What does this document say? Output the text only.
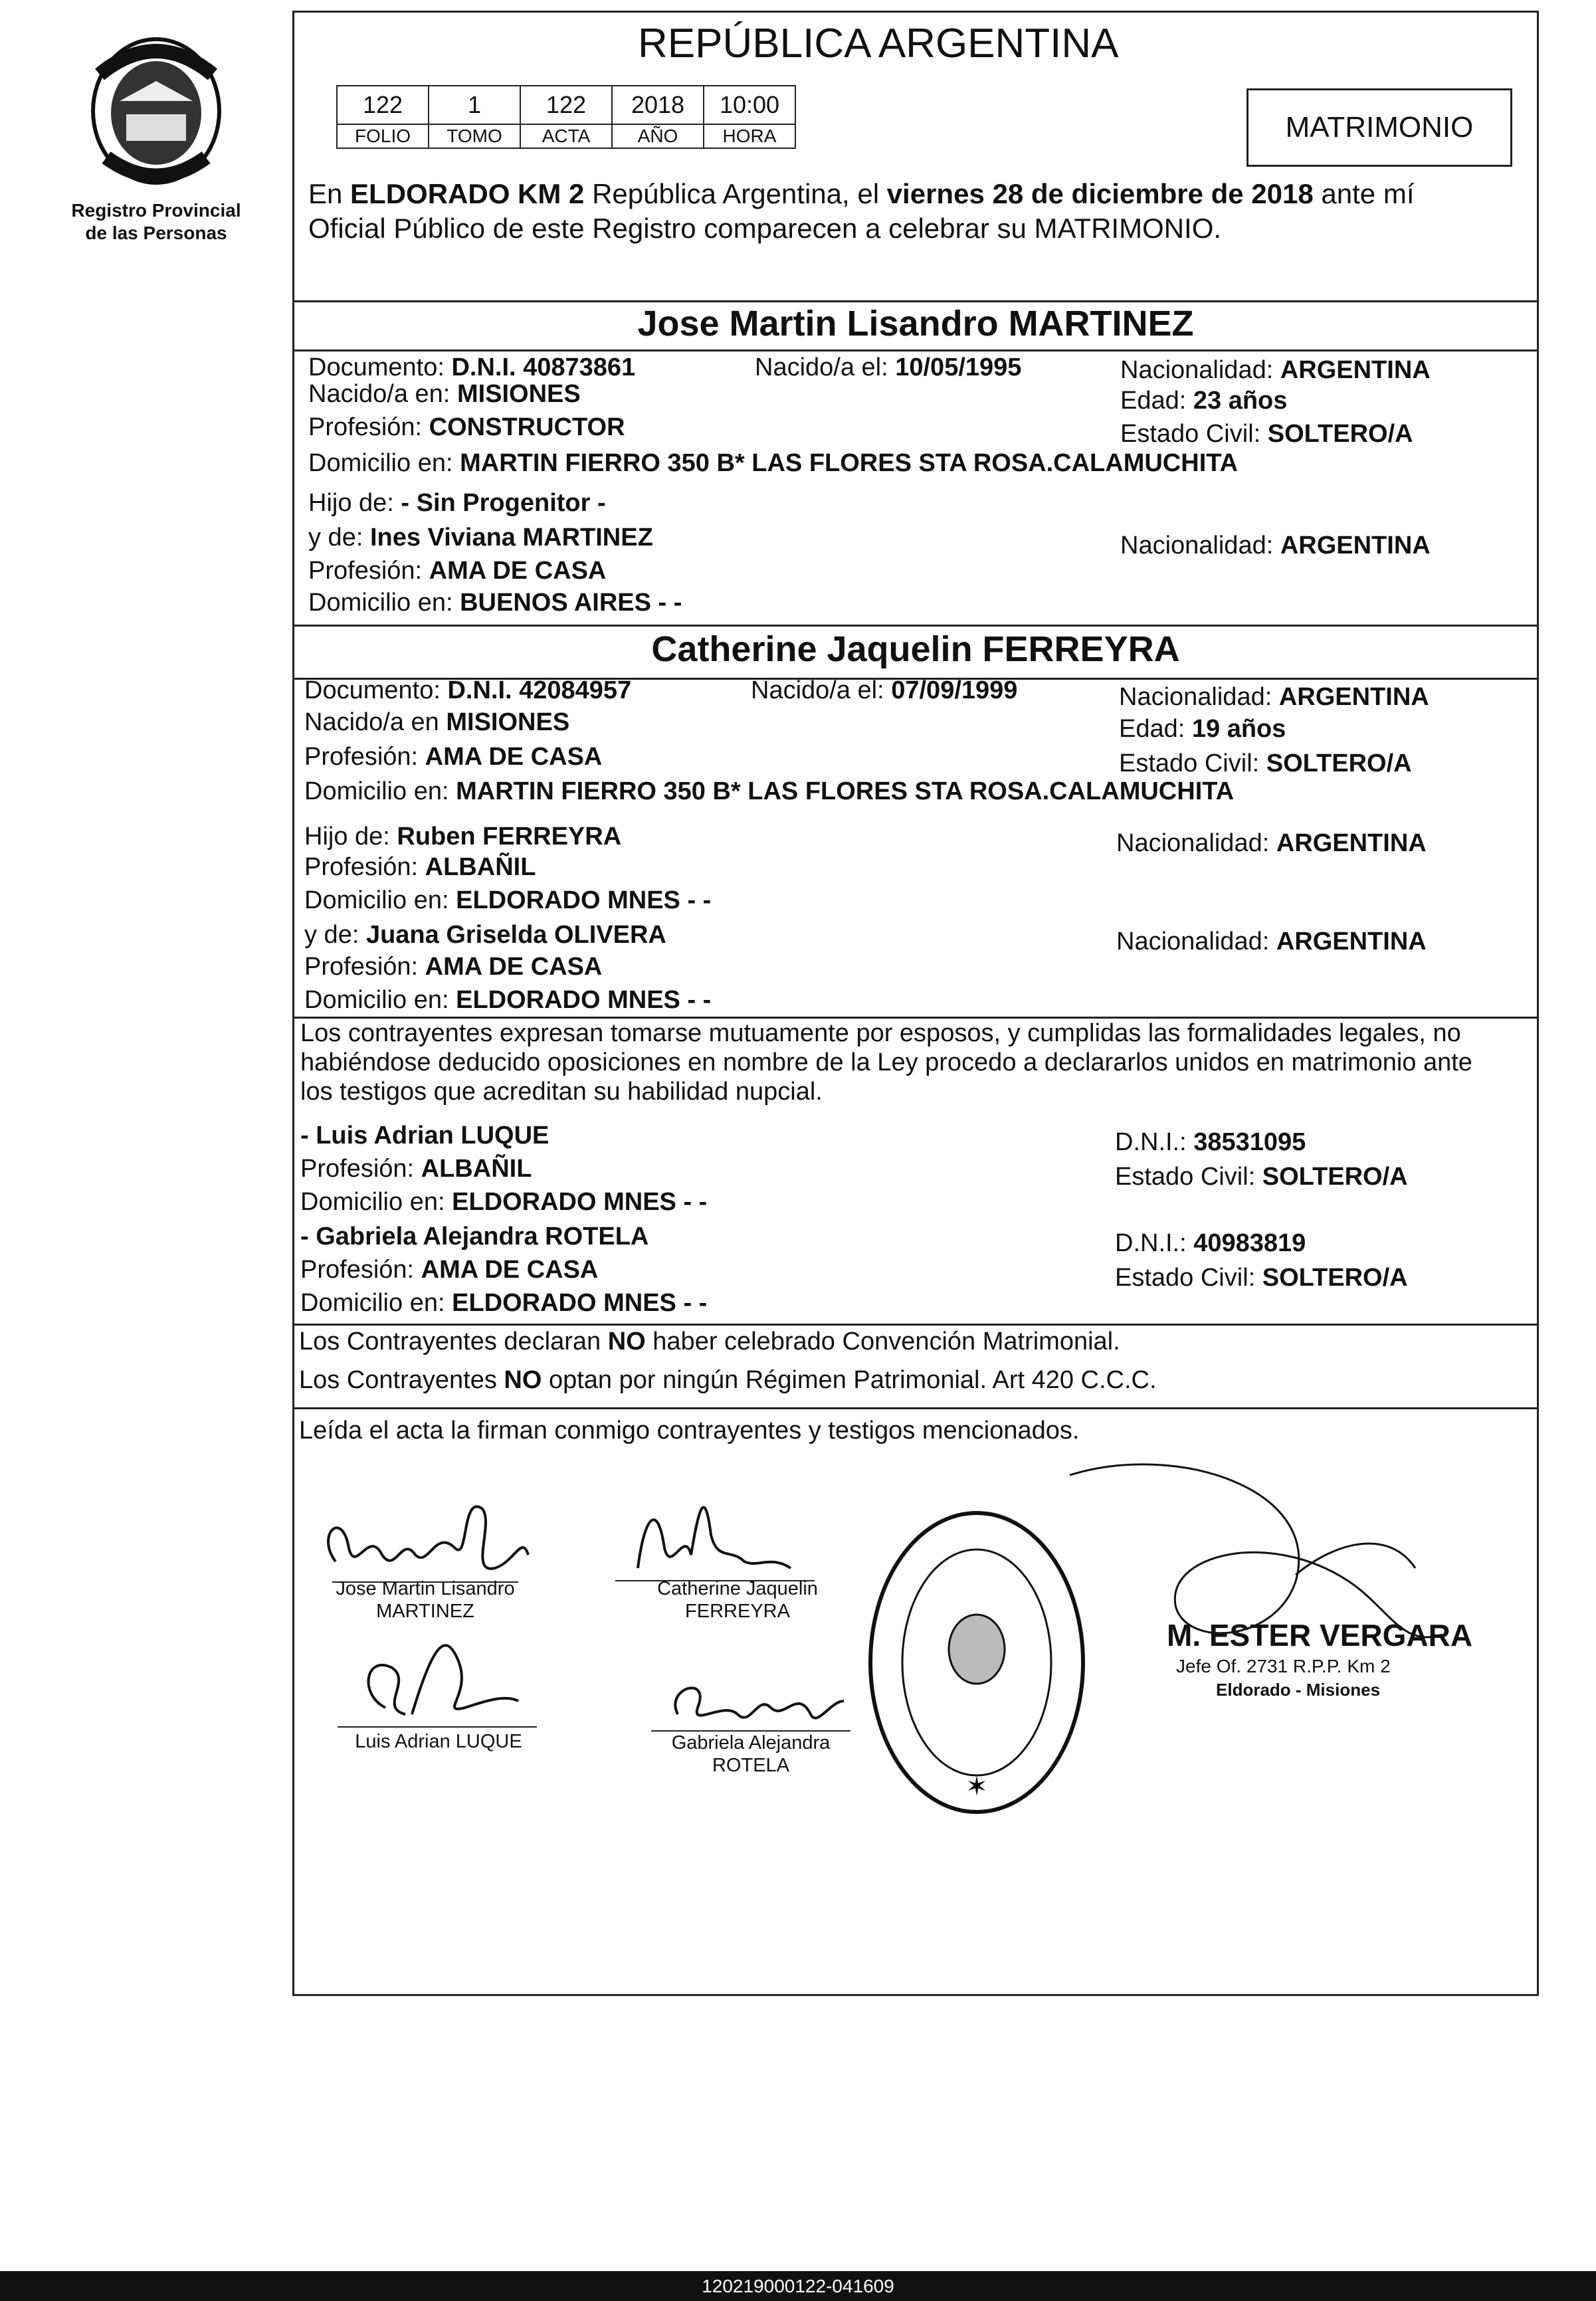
Registro Provincial
de las Personas
REPÚBLICA ARGENTINA
122	1	122	2018	10:00
FOLIO	TOMO	ACTA	AÑO	HORA	MATRIMONIO
En ELDORADO KM 2 República Argentina, el viernes 28 de diciembre de 2018 ante mí
Oficial Público de este Registro comparecen a celebrar su MATRIMONIO.
Jose Martin Lisandro MARTINEZ
Documento: D.N.I. 40873861	Nacido/a el: 10/05/1995	Nacionalidad: ARGENTINA
Nacido/a en: MISIONES	Edad: 23 años
Profesión: CONSTRUCTOR	Estado Civil: SOLTERO/A
Domicilio en: MARTIN FIERRO 350 B* LAS FLORES STA ROSA.CALAMUCHITA
Hijo de: - Sin Progenitor -
y de: Ines Viviana MARTINEZ	Nacionalidad: ARGENTINA
Profesión: AMA DE CASA
Domicilio en: BUENOS AIRES - -
Catherine Jaquelin FERREYRA
Documento: D.N.I. 42084957	Nacido/a el: 07/09/1999	Nacionalidad: ARGENTINA
Nacido/a en MISIONES	Edad: 19 años
Profesión: AMA DE CASA	Estado Civil: SOLTERO/A
Domicilio en: MARTIN FIERRO 350 B* LAS FLORES STA ROSA.CALAMUCHITA
Hijo de: Ruben FERREYRA	Nacionalidad: ARGENTINA
Profesión: ALBAÑIL
Domicilio en: ELDORADO MNES - -
y de: Juana Griselda OLIVERA	Nacionalidad: ARGENTINA
Profesión: AMA DE CASA
Domicilio en: ELDORADO MNES - -
Los contrayentes expresan tomarse mutuamente por esposos, y cumplidas las formalidades legales, no
habiéndose deducido oposiciones en nombre de la Ley procedo a declararlos unidos en matrimonio ante
los testigos que acreditan su habilidad nupcial.
- Luis Adrian LUQUE	D.N.I.: 38531095
Profesión: ALBAÑIL	Estado Civil: SOLTERO/A
Domicilio en: ELDORADO MNES - -
- Gabriela Alejandra ROTELA	D.N.I.: 40983819
Profesión: AMA DE CASA	Estado Civil: SOLTERO/A
Domicilio en: ELDORADO MNES - -
Los Contrayentes declaran NO haber celebrado Convención Matrimonial.
Los Contrayentes NO optan por ningún Régimen Patrimonial. Art 420 C.C.C.
Leída el acta la firman conmigo contrayentes y testigos mencionados.
Jose Martin Lisandro
MARTINEZ
Catherine Jaquelin
FERREYRA
Luis Adrian LUQUE	Gabriela Alejandra
ROTELA
✶
M. ESTER VERGARA
Jefe Of. 2731 R.P.P. Km 2
Eldorado - Misiones
120219000122-041609
